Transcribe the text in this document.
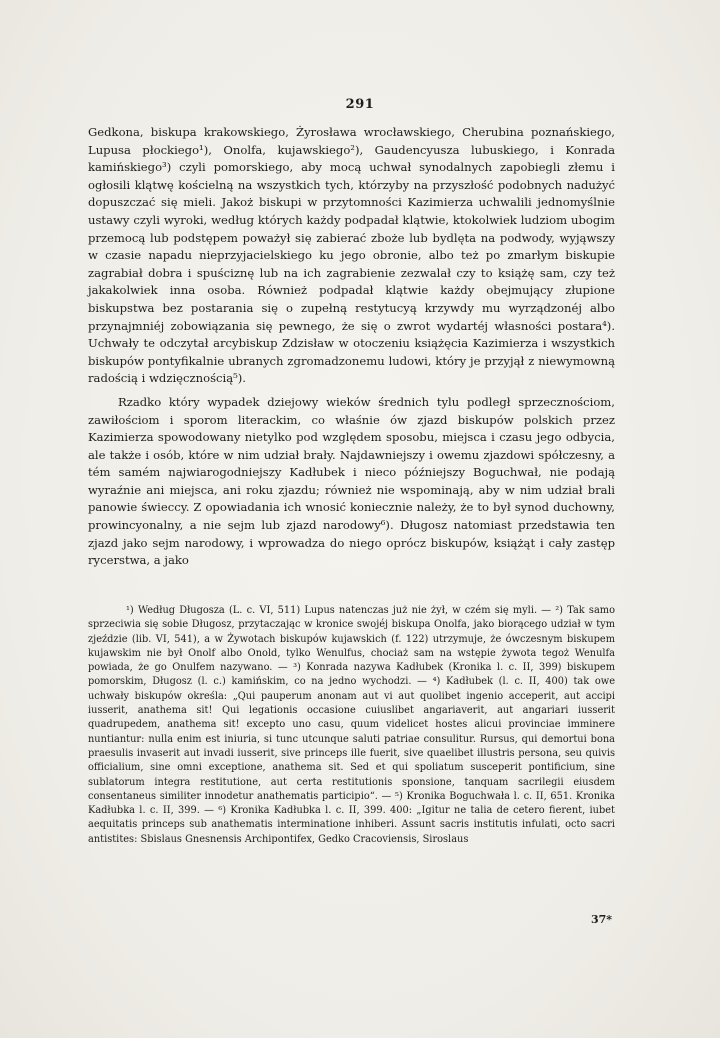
291

Gedkona, biskupa krakowskiego, Żyrosława wrocławskiego, Cherubina poznańskiego, Lupusa płockiego¹), Onolfa, kujawskiego²), Gaudencyusza lubuskiego, i Konrada kamińskiego³) czyli pomorskiego, aby mocą uchwał synodalnych zapobiegli złemu i ogłosili klątwę kościelną na wszystkich tych, którzyby na przyszłość podobnych nadużyć dopuszczać się mieli. Jakoż biskupi w przytomności Kazimierza uchwalili jednomyślnie ustawy czyli wyroki, według których każdy podpadał klątwie, ktokolwiek ludziom ubogim przemocą lub podstępem poważył się zabierać zboże lub bydlęta na podwody, wyjąwszy w czasie napadu nieprzyjacielskiego ku jego obronie, albo też po zmarłym biskupie zagrabiał dobra i spuściznę lub na ich zagrabienie zezwalał czy to książę sam, czy też jakakolwiek inna osoba. Również podpadał klątwie każdy obejmujący złupione biskupstwa bez postarania się o zupełną restytucyą krzywdy mu wyrządzonéj albo przynajmniéj zobowiązania się pewnego, że się o zwrot wydartéj własności postara⁴). Uchwały te odczytał arcybiskup Zdzisław w otoczeniu książęcia Kazimierza i wszystkich biskupów pontyfikalnie ubranych zgromadzonemu ludowi, który je przyjął z niewymowną radością i wdzięcznością⁵).

Rzadko który wypadek dziejowy wieków średnich tylu podległ sprzecznościom, zawiłościom i sporom literackim, co właśnie ów zjazd biskupów polskich przez Kazimierza spowodowany nietylko pod względem sposobu, miejsca i czasu jego odbycia, ale także i osób, które w nim udział brały. Najdawniejszy i owemu zjazdowi spółczesny, a tém samém najwiarogodniejszy Kadłubek i nieco późniejszy Boguchwał, nie podają wyraźnie ani miejsca, ani roku zjazdu; również nie wspominają, aby w nim udział brali panowie świeccy. Z opowiadania ich wnosić koniecznie należy, że to był synod duchowny, prowincyonalny, a nie sejm lub zjazd narodowy⁶). Długosz natomiast przedstawia ten zjazd jako sejm narodowy, i wprowadza do niego oprócz biskupów, książąt i cały zastęp rycerstwa, a jako

¹) Według Długosza (L. c. VI, 511) Lupus natenczas już nie żył, w czém się myli. — ²) Tak samo sprzeciwia się sobie Długosz, przytaczając w kronice swojéj biskupa Onolfa, jako biorącego udział w tym zjeździe (lib. VI, 541), a w Żywotach biskupów kujawskich (f. 122) utrzymuje, że ówczesnym biskupem kujawskim nie był Onolf albo Onold, tylko Wenulfus, chociaż sam na wstępie żywota tegoż Wenulfa powiada, że go Onulfem nazywano. — ³) Konrada nazywa Kadłubek (Kronika l. c. II, 399) biskupem pomorskim, Długosz (l. c.) kamińskim, co na jedno wychodzi. — ⁴) Kadłubek (l. c. II, 400) tak owe uchwały biskupów określa: „Qui pauperum anonam aut vi aut quolibet ingenio acceperit, aut accipi iusserit, anathema sit! Qui legationis occasione cuiuslibet angariaverit, aut angariari iusserit quadrupedem, anathema sit! excepto uno casu, quum videlicet hostes alicui provinciae imminere nuntiantur: nulla enim est iniuria, si tunc utcunque saluti patriae consulitur. Rursus, qui demortui bona praesulis invaserit aut invadi iusserit, sive princeps ille fuerit, sive quaelibet illustris persona, seu quivis officialium, sine omni exceptione, anathema sit. Sed et qui spoliatum susceperit pontificium, sine sublatorum integra restitutione, aut certa restitutionis sponsione, tanquam sacrilegii eiusdem consentaneus similiter innodetur anathematis participio“. — ⁵) Kronika Boguchwała l. c. II, 651. Kronika Kadłubka l. c. II, 399. — ⁶) Kronika Kadłubka l. c. II, 399. 400: „Igitur ne talia de cetero fierent, iubet aequitatis princeps sub anathematis interminatione inhiberi. Assunt sacris institutis infulati, octo sacri antistites: Sbislaus Gnesnensis Archipontifex, Gedko Cracoviensis, Siroslaus

37*
